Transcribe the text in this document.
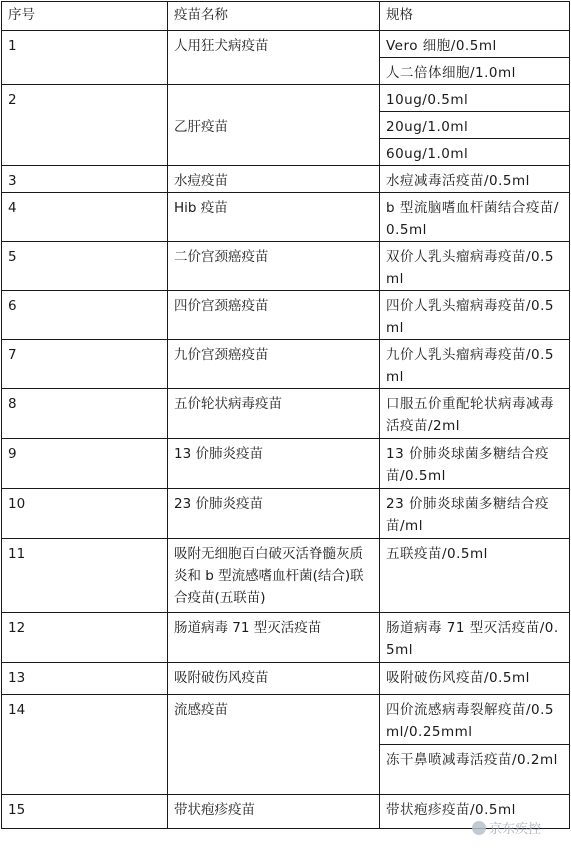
序号	疫苗名称	规格
1	人用狂犬病疫苗	Vero 细胞/0.5ml
		人二倍体细胞/1.0ml
2	乙肝疫苗	10ug/0.5ml
		20ug/1.0ml
		60ug/1.0ml
3	水痘疫苗	水痘减毒活疫苗/0.5ml
4	Hib 疫苗	b 型流脑嗜血杆菌结合疫苗/0.5ml
5	二价宫颈癌疫苗	双价人乳头瘤病毒疫苗/0.5ml
6	四价宫颈癌疫苗	四价人乳头瘤病毒疫苗/0.5ml
7	九价宫颈癌疫苗	九价人乳头瘤病毒疫苗/0.5ml
8	五价轮状病毒疫苗	口服五价重配轮状病毒减毒活疫苗/2ml
9	13 价肺炎疫苗	13 价肺炎球菌多糖结合疫苗/0.5ml
10	23 价肺炎疫苗	23 价肺炎球菌多糖结合疫苗/ml
11	吸附无细胞百白破灭活脊髓灰质炎和 b 型流感嗜血杆菌(结合)联合疫苗(五联苗)	五联疫苗/0.5ml
12	肠道病毒 71 型灭活疫苗	肠道病毒 71 型灭活疫苗/0.5ml
13	吸附破伤风疫苗	吸附破伤风疫苗/0.5ml
14	流感疫苗	四价流感病毒裂解疫苗/0.5ml/0.25mml
		冻干鼻喷减毒活疫苗/0.2ml
15	带状疱疹疫苗	带状疱疹疫苗/0.5ml
京东疾控
